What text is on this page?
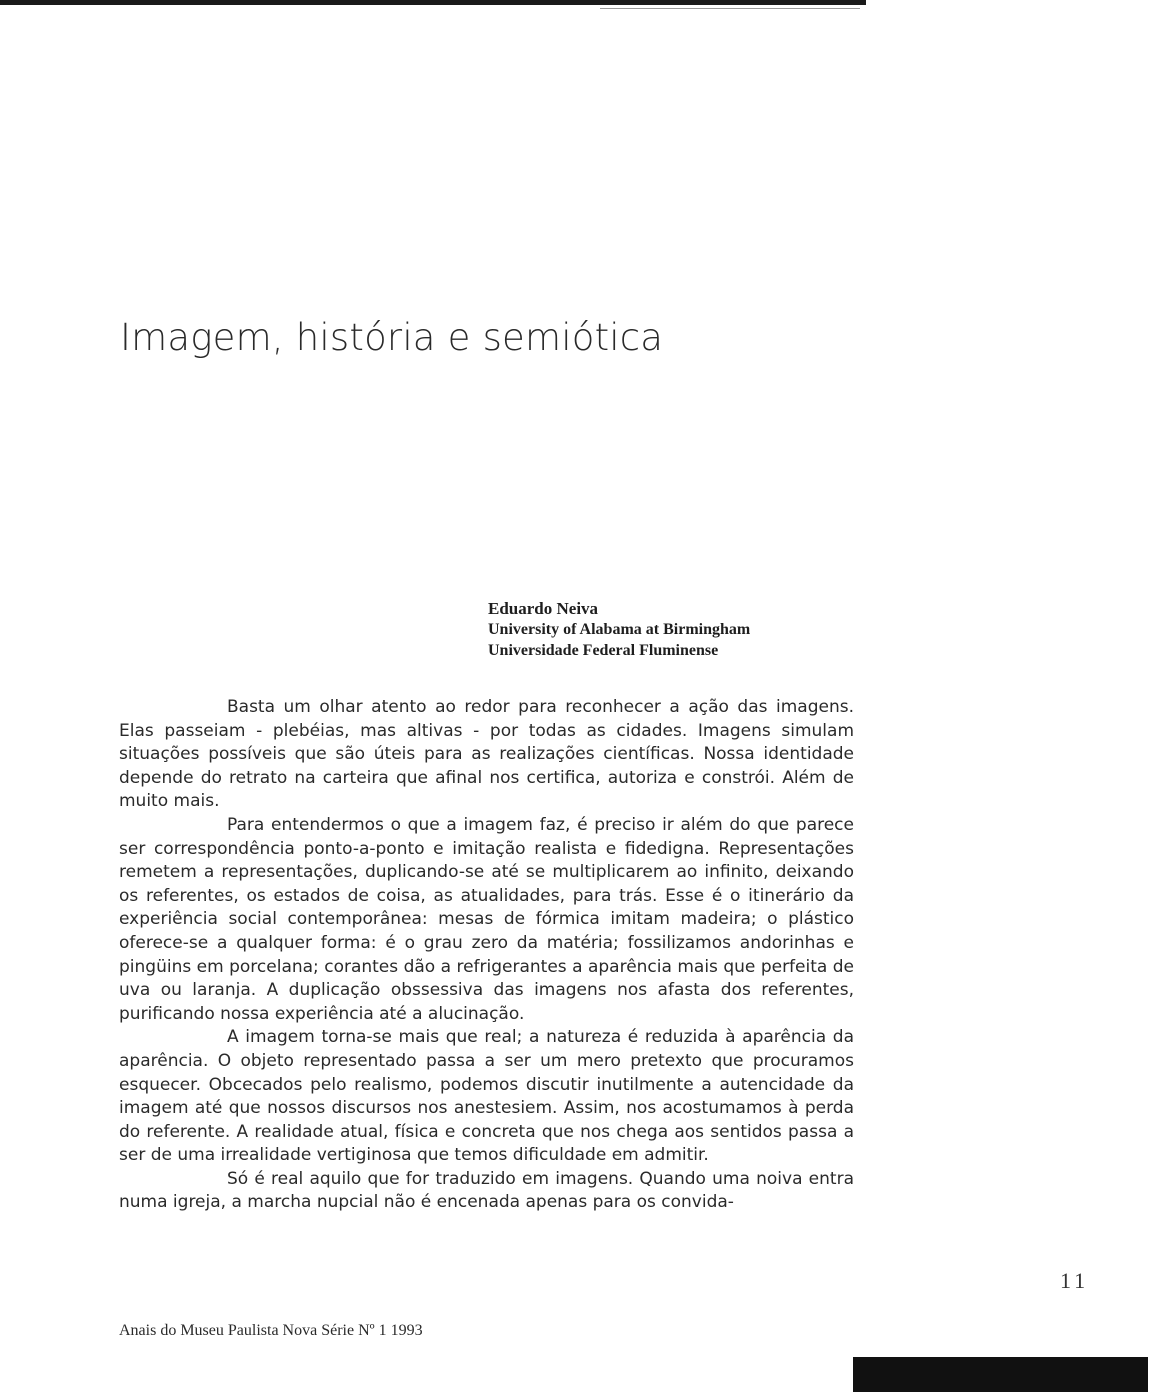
Imagem, história e semiótica
Eduardo Neiva
University of Alabama at Birmingham
Universidade Federal Fluminense

Basta um olhar atento ao redor para reconhecer a ação das imagens. Elas passeiam - plebéias, mas altivas - por todas as cidades. Imagens simulam situações possíveis que são úteis para as realizações científicas. Nossa identidade depende do retrato na carteira que afinal nos certifica, autoriza e constrói. Além de muito mais.

Para entendermos o que a imagem faz, é preciso ir além do que parece ser correspondência ponto-a-ponto e imitação realista e fidedigna. Representações remetem a representações, duplicando-se até se multiplicarem ao infinito, deixando os referentes, os estados de coisa, as atualidades, para trás. Esse é o itinerário da experiência social contemporânea: mesas de fórmica imitam madeira; o plástico oferece-se a qualquer forma: é o grau zero da matéria; fossilizamos andorinhas e pingüins em porcelana; corantes dão a refrigerantes a aparência mais que perfeita de uva ou laranja. A duplicação obssessiva das imagens nos afasta dos referentes, purificando nossa experiência até a alucinação.

A imagem torna-se mais que real; a natureza é reduzida à aparência da aparência. O objeto representado passa a ser um mero pretexto que procuramos esquecer. Obcecados pelo realismo, podemos discutir inutilmente a autencidade da imagem até que nossos discursos nos anestesiem. Assim, nos acostumamos à perda do referente. A realidade atual, física e concreta que nos chega aos sentidos passa a ser de uma irrealidade vertiginosa que temos dificuldade em admitir.

Só é real aquilo que for traduzido em imagens. Quando uma noiva entra numa igreja, a marcha nupcial não é encenada apenas para os convida-

11
Anais do Museu Paulista Nova Série Nº 1 1993
